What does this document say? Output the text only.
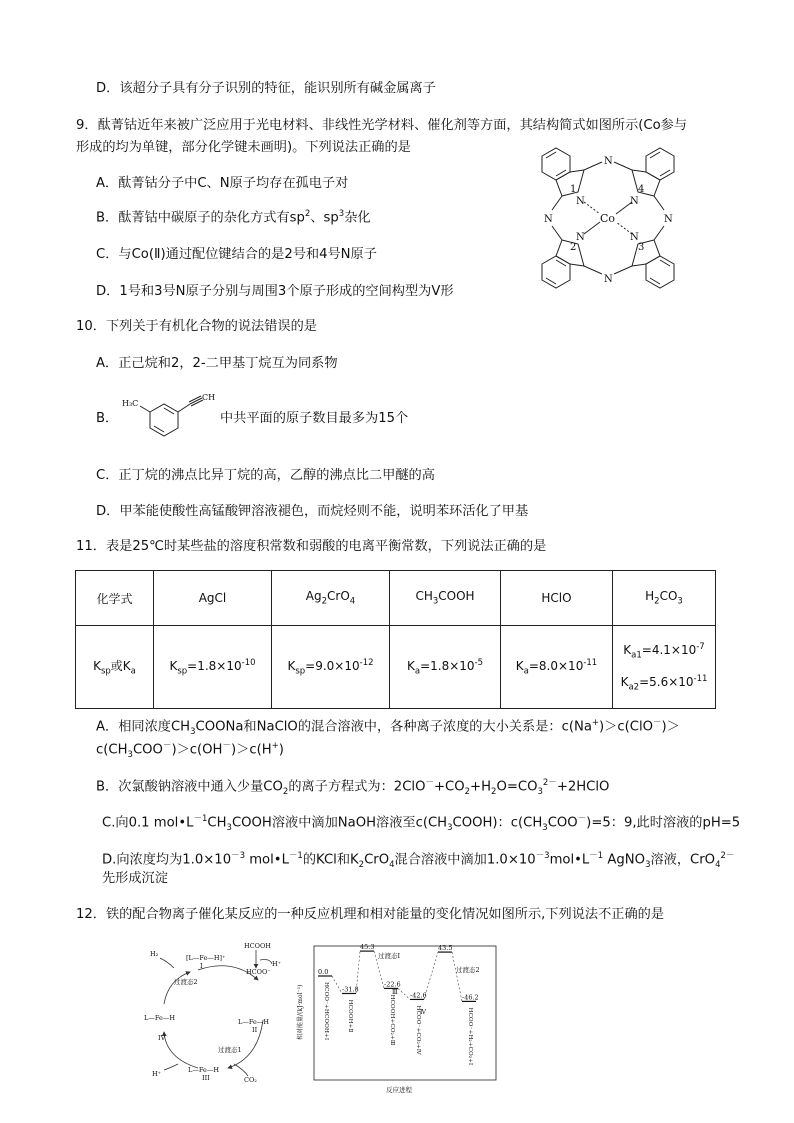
D．该超分子具有分子识别的特征，能识别所有碱金属离子
9．酞菁钴近年来被广泛应用于光电材料、非线性光学材料、催化剂等方面，其结构简式如图所示(Co参与
形成的均为单键，部分化学键未画明)。下列说法正确的是
A．酞菁钴分子中C、N原子均存在孤电子对
B．酞菁钴中碳原子的杂化方式有$sp^2$、$sp^3$杂化
C．与Co(Ⅱ)通过配位键结合的是2号和4号N原子
D．1号和3号N原子分别与周围3个原子形成的空间构型为V形
N
N
N	N
N	N
N	N
Co
1	4
2	3
10．下列关于有机化合物的说法错误的是
A．正己烷和2，2-二甲基丁烷互为同系物
B．
H₃C
CH
中共平面的原子数目最多为15个
C．正丁烷的沸点比异丁烷的高，乙醇的沸点比二甲醚的高
D．甲苯能使酸性高锰酸钾溶液褪色，而烷烃则不能，说明苯环活化了甲基
11．表是25℃时某些盐的溶度积常数和弱酸的电离平衡常数，下列说法正确的是
化学式	AgCl	$Ag_2CrO_4$	$CH_3COOH$	HClO	$H_2CO_3$
$K_{sp}$或$K_a$	$K_{sp}=1.8\times 10^{-10}$	$K_{sp}=9.0\times 10^{-12}$	$K_a=1.8\times 10^{-5}$	$K_a=8.0\times 10^{-11}$	$K_{a1}=4.1\times 10^{-7}$
$K_{a2}=5.6\times 10^{-11}$
A．相同浓度$CH_3COONa$和NaClO的混合溶液中，各种离子浓度的大小关系是：c(Na+)＞c(ClO－)＞
$c(CH_3COO^-)>c(OH^-)>c(H^+)$
B．次氯酸钠溶液中通入少量$CO_2$的离子方程式为：$2ClO^-+CO_2+H_2O=CO_3^{2-}+2HClO$
C.向0.1 $mol•L^{-1}CH_3COOH$溶液中滴加NaOH溶液至$c(CH_3COOH)$：$c(CH_3COO^-)=5$：9,此时溶液的pH=5
D.向浓度均为$1.0\times 10^{-3}$ $mol•L^{-1}$的KCl和$K_2CrO_4$混合溶液中滴加$1.0\times 10^{-3}mol•L^{-1}$ AgNO$_3$溶液，CrO$_4^{2-}$
先形成沉淀
12．铁的配合物离子催化某反应的一种反应机理和相对能量的变化情况如图所示,下列说法不正确的是
HCOOH
HCOO⁻
H⁺
H₂	[L—Fe—H]⁺
I
过渡态2
L—Fe—H
II
L—Fe—H
IV
过渡态1
L—Fe—H
III
H⁺
CO₂
0.0
-31.8
45.3
-22.6
-42.6
43.5
-46.2
HCOO⁻+HCOOH+Ⅰ	HCOOH+Ⅱ	HCOOH+CO₂+Ⅲ	HCOO⁻+CO₂+Ⅳ	HCOO⁻+H₂+CO₂+Ⅰ
相对能量/(kJ·mol⁻¹)
反应进程
过渡态Ⅰ
过渡态2
Ⅲ
Ⅳ
